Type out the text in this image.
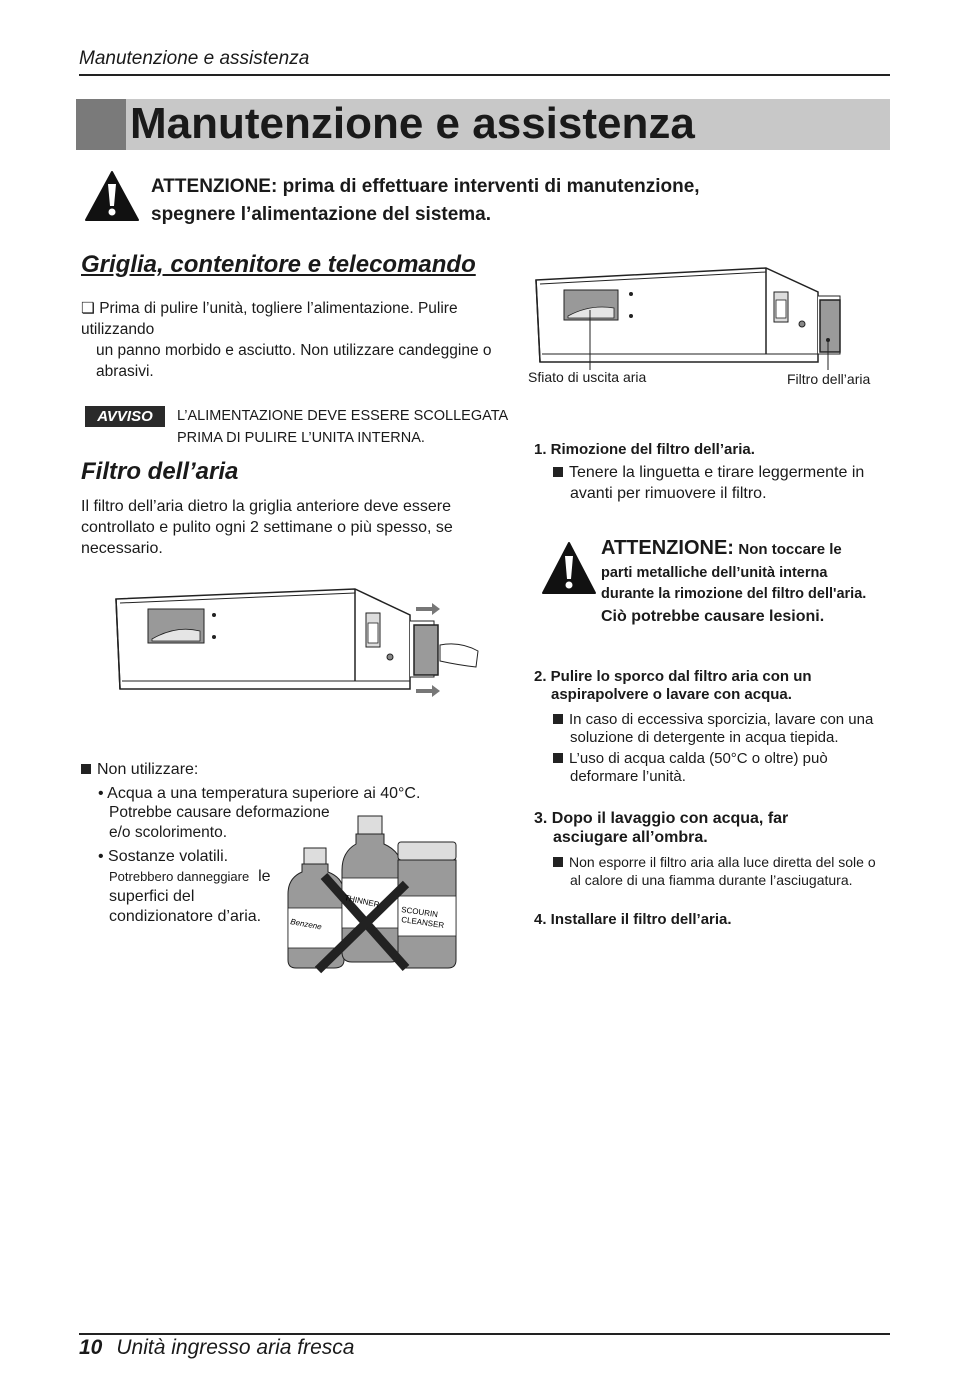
Manutenzione e assistenza
Manutenzione e assistenza
ATTENZIONE: prima di effettuare interventi di manutenzione,
spegnere l’alimentazione del sistema.
Griglia, contenitore e telecomando
❏ Prima di pulire l’unità, togliere l’alimentazione. Pulire utilizzando
un panno morbido e asciutto. Non utilizzare candeggine o
abrasivi.
AVVISO	L’ALIMENTAZIONE DEVE ESSERE SCOLLEGATA
PRIMA DI PULIRE L’UNITA INTERNA.
Filtro dell’aria
Il filtro dell’aria dietro la griglia anteriore deve essere
controllato e pulito ogni 2 settimane o più spesso, se
necessario.
Non utilizzare:
• Acqua a una temperatura superiore ai 40°C.
Potrebbe causare deformazione
e/o scolorimento.
• Sostanze volatili.
Potrebbero danneggiare le
superfici del
condizionatore d’aria.	Benzene
THINNER
SCOURIN
CLEANSER
Sfiato di uscita aria	Filtro dell’aria
1. Rimozione del filtro dell’aria.
Tenere la linguetta e tirare leggermente in
avanti per rimuovere il filtro.
ATTENZIONE: Non toccare le
parti metalliche dell’unità interna
durante la rimozione del filtro dell'aria.
Ciò potrebbe causare lesioni.
2. Pulire lo sporco dal filtro aria con un
aspirapolvere o lavare con acqua.
In caso di eccessiva sporcizia, lavare con una
soluzione di detergente in acqua tiepida.
L’uso di acqua calda (50°C o oltre) può
deformare l’unità.
3. Dopo il lavaggio con acqua, far
asciugare all’ombra.
Non esporre il filtro aria alla luce diretta del sole o
al calore di una fiamma durante l’asciugatura.
4. Installare il filtro dell’aria.
10 Unità ingresso aria fresca
